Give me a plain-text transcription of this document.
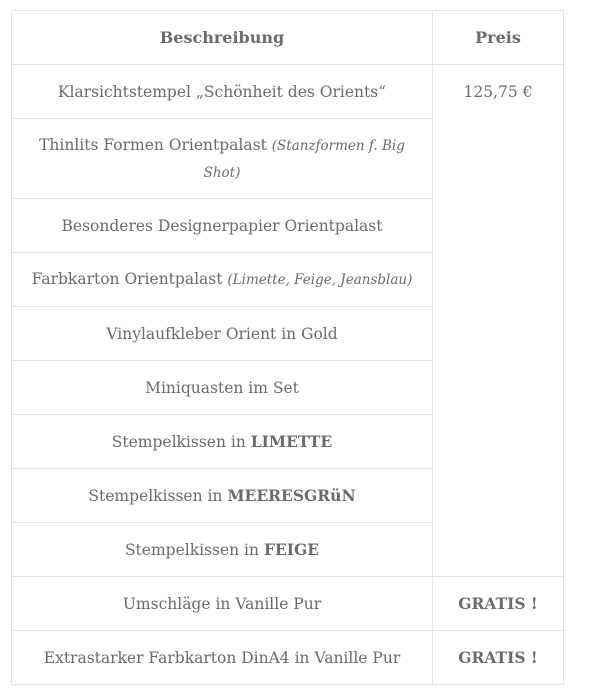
Beschreibung	Preis
Klarsichtstempel „Schönheit des Orients“	125,75 €
Thinlits Formen Orientpalast (Stanzformen f. Big Shot)	
Besonderes Designerpapier Orientpalast	
Farbkarton Orientpalast (Limette, Feige, Jeansblau)	
Vinylaufkleber Orient in Gold	
Miniquasten im Set	
Stempelkissen in LIMETTE	
Stempelkissen in MEERESGRüN	
Stempelkissen in FEIGE	
Umschläge in Vanille Pur	GRATIS !
Extrastarker Farbkarton DinA4 in Vanille Pur	GRATIS !
